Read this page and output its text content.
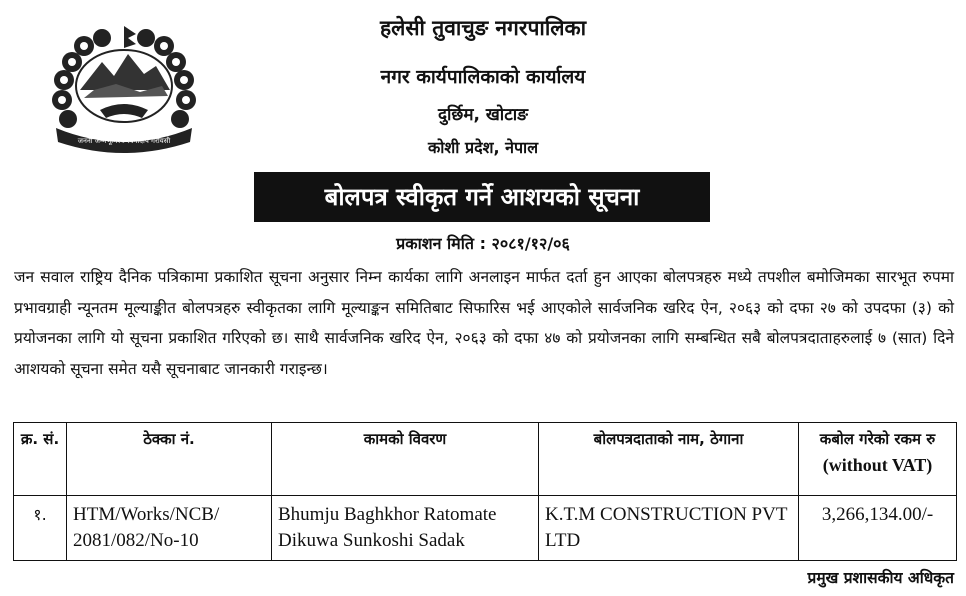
जननी जन्मभूमिश्च स्वर्गादपि गरीयसी
हलेसी तुवाचुङ नगरपालिका
नगर कार्यपालिकाको कार्यालय
दुर्छिम, खोटाङ
कोशी प्रदेश, नेपाल
बोलपत्र स्वीकृत गर्ने आशयको सूचना
प्रकाशन मिति : २०८१/१२/०६
जन सवाल राष्ट्रिय दैनिक पत्रिकामा प्रकाशित सूचना अनुसार निम्न कार्यका लागि अनलाइन मार्फत दर्ता हुन आएका बोलपत्रहरु मध्ये तपशील बमोजिमका सारभूत रुपमा प्रभावग्राही न्यूनतम मूल्याङ्कीत बोलपत्रहरु स्वीकृतका लागि मूल्याङ्कन समितिबाट सिफारिस भई आएकोले सार्वजनिक खरिद ऐन, २०६३ को दफा २७ को उपदफा (३) को प्रयोजनका लागि यो सूचना प्रकाशित गरिएको छ। साथै सार्वजनिक खरिद ऐन, २०६३ को दफा ४७ को प्रयोजनका लागि सम्बन्धित सबै बोलपत्रदाताहरुलाई ७ (सात) दिने आशयको सूचना समेत यसै सूचनाबाट जानकारी गराइन्छ।
क्र. सं.	ठेक्का नं.	कामको विवरण	बोलपत्रदाताको नाम, ठेगाना	कबोल गरेको रकम रु
(without VAT)

१.	HTM/Works/NCB/ 2081/082/No-10	Bhumju Baghkhor Ratomate Dikuwa Sunkoshi Sadak	K.T.M CONSTRUCTION PVT LTD	3,266,134.00/-
प्रमुख प्रशासकीय अधिकृत
